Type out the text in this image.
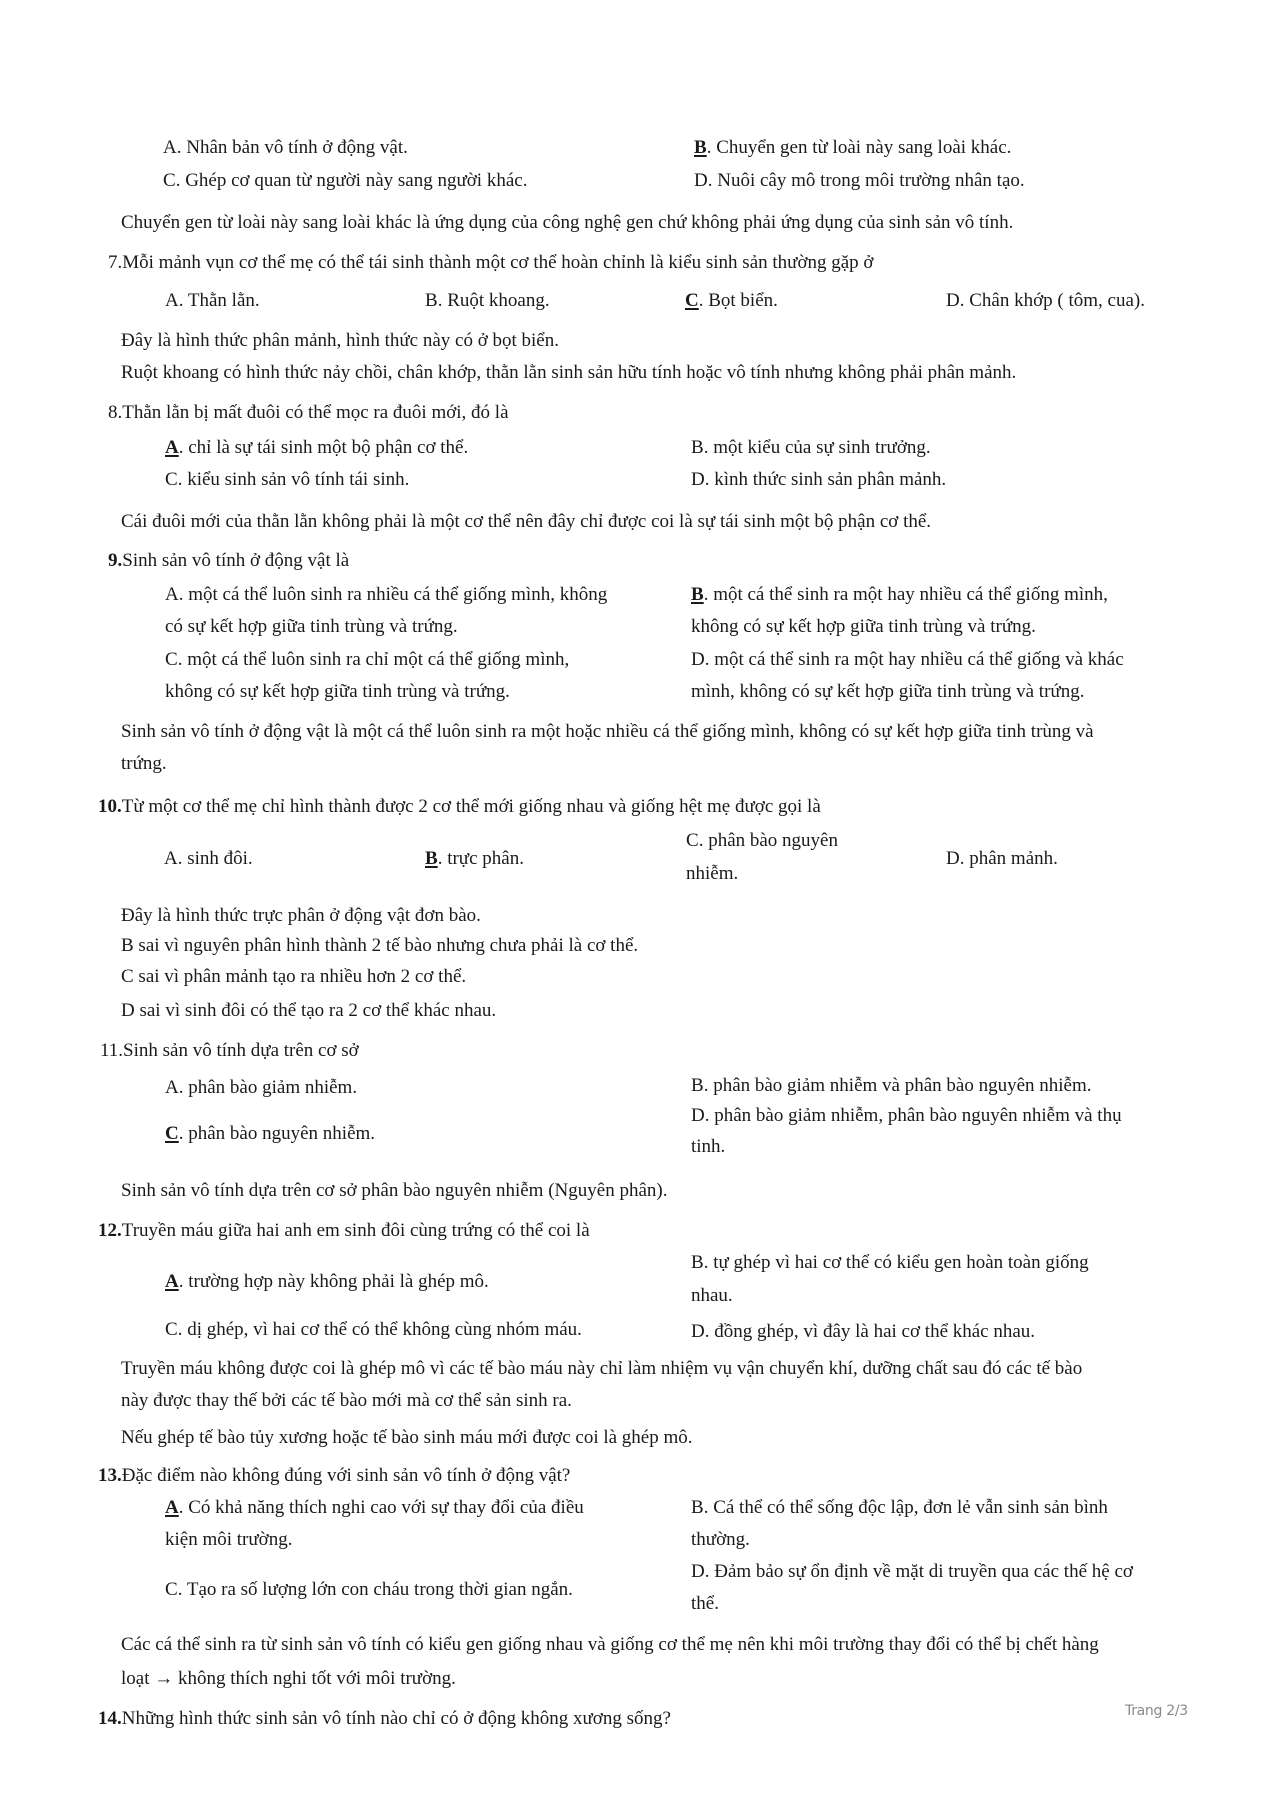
A. Nhân bản vô tính ở động vật.	B. Chuyển gen từ loài này sang loài khác.
C. Ghép cơ quan từ người này sang người khác.	D. Nuôi cây mô trong môi trường nhân tạo.
Chuyển gen từ loài này sang loài khác là ứng dụng của công nghệ gen chứ không phải ứng dụng của sinh sản vô tính.
7.Mỗi mảnh vụn cơ thể mẹ có thể tái sinh thành một cơ thể hoàn chỉnh là kiểu sinh sản thường gặp ở
A. Thằn lằn.	B. Ruột khoang.	C. Bọt biển.	D. Chân khớp ( tôm, cua).
Đây là hình thức phân mảnh, hình thức này có ở bọt biển.
Ruột khoang có hình thức nảy chồi, chân khớp, thằn lằn sinh sản hữu tính hoặc vô tính nhưng không phải phân mảnh.
8.Thằn lằn bị mất đuôi có thể mọc ra đuôi mới, đó là
A. chỉ là sự tái sinh một bộ phận cơ thể.	B. một kiểu của sự sinh trưởng.
C. kiểu sinh sản vô tính tái sinh.	D. kình thức sinh sản phân mảnh.
Cái đuôi mới của thằn lằn không phải là một cơ thể nên đây chỉ được coi là sự tái sinh một bộ phận cơ thể.
9.Sinh sản vô tính ở động vật là
A. một cá thể luôn sinh ra nhiều cá thể giống mình, không
có sự kết hợp giữa tinh trùng và trứng.
B. một cá thể sinh ra một hay nhiều cá thể giống mình,
không có sự kết hợp giữa tinh trùng và trứng.
C. một cá thể luôn sinh ra chỉ một cá thể giống mình,
không có sự kết hợp giữa tinh trùng và trứng.
D. một cá thể sinh ra một hay nhiều cá thể giống và khác
mình, không có sự kết hợp giữa tinh trùng và trứng.
Sinh sản vô tính ở động vật là một cá thể luôn sinh ra một hoặc nhiều cá thể giống mình, không có sự kết hợp giữa tinh trùng và
trứng.
10.Từ một cơ thể mẹ chỉ hình thành được 2 cơ thể mới giống nhau và giống hệt mẹ được gọi là
A. sinh đôi.	B. trực phân.
C. phân bào nguyên
nhiễm.
D. phân mảnh.
Đây là hình thức trực phân ở động vật đơn bào.
B sai vì nguyên phân hình thành 2 tế bào nhưng chưa phải là cơ thể.
C sai vì phân mảnh tạo ra nhiều hơn 2 cơ thể.
D sai vì sinh đôi có thể tạo ra 2 cơ thể khác nhau.
11.Sinh sản vô tính dựa trên cơ sở
A. phân bào giảm nhiễm.	B. phân bào giảm nhiễm và phân bào nguyên nhiễm.
C. phân bào nguyên nhiễm.
D. phân bào giảm nhiễm, phân bào nguyên nhiễm và thụ
tinh.
Sinh sản vô tính dựa trên cơ sở phân bào nguyên nhiễm (Nguyên phân).
12.Truyền máu giữa hai anh em sinh đôi cùng trứng có thể coi là
A. trường hợp này không phải là ghép mô.
B. tự ghép vì hai cơ thể có kiểu gen hoàn toàn giống
nhau.
C. dị ghép, vì hai cơ thể có thể không cùng nhóm máu.	D. đồng ghép, vì đây là hai cơ thể khác nhau.
Truyền máu không được coi là ghép mô vì các tế bào máu này chỉ làm nhiệm vụ vận chuyển khí, dưỡng chất sau đó các tế bào
này được thay thế bởi các tế bào mới mà cơ thể sản sinh ra.
Nếu ghép tế bào tủy xương hoặc tế bào sinh máu mới được coi là ghép mô.
13.Đặc điểm nào không đúng với sinh sản vô tính ở động vật?
A. Có khả năng thích nghi cao với sự thay đổi của điều
kiện môi trường.
B. Cá thể có thể sống độc lập, đơn lẻ vẫn sinh sản bình
thường.
C. Tạo ra số lượng lớn con cháu trong thời gian ngắn.
D. Đảm bảo sự ổn định về mặt di truyền qua các thế hệ cơ
thể.
Các cá thể sinh ra từ sinh sản vô tính có kiểu gen giống nhau và giống cơ thể mẹ nên khi môi trường thay đổi có thể bị chết hàng
loạt → không thích nghi tốt với môi trường.
14.Những hình thức sinh sản vô tính nào chỉ có ở động không xương sống?	Trang 2/3
